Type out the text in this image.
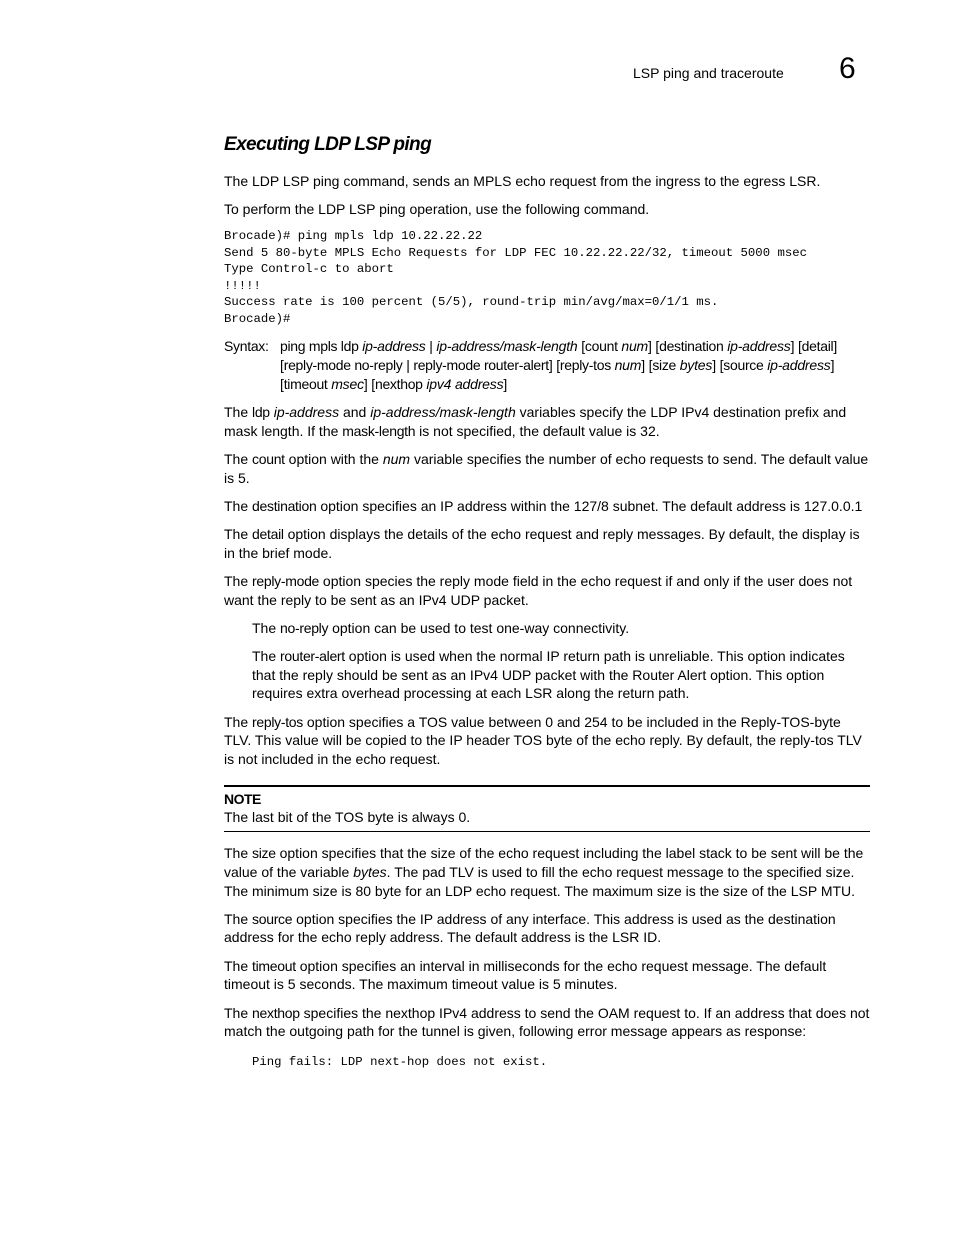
LSP ping and traceroute 6
Executing LDP LSP ping

The LDP LSP ping command, sends an MPLS echo request from the ingress to the egress LSR.

To perform the LDP LSP ping operation, use the following command.

Brocade)# ping mpls ldp 10.22.22.22
Send 5 80-byte MPLS Echo Requests for LDP FEC 10.22.22.22/32, timeout 5000 msec
Type Control-c to abort
!!!!!
Success rate is 100 percent (5/5), round-trip min/avg/max=0/1/1 ms.
Brocade)#
Syntax: ping mpls ldp ip-address | ip-address/mask-length [count num] [destination ip-address] [detail] [reply-mode no-reply | reply-mode router-alert] [reply-tos num] [size bytes] [source ip-address] [timeout msec] [nexthop ipv4 address]

The ldp ip-address and ip-address/mask-length variables specify the LDP IPv4 destination prefix and mask length. If the mask-length is not specified, the default value is 32.

The count option with the num variable specifies the number of echo requests to send. The default value is 5.

The destination option specifies an IP address within the 127/8 subnet. The default address is 127.0.0.1

The detail option displays the details of the echo request and reply messages. By default, the display is in the brief mode.

The reply-mode option species the reply mode field in the echo request if and only if the user does not want the reply to be sent as an IPv4 UDP packet.

The no-reply option can be used to test one-way connectivity.

The router-alert option is used when the normal IP return path is unreliable. This option indicates that the reply should be sent as an IPv4 UDP packet with the Router Alert option. This option requires extra overhead processing at each LSR along the return path.

The reply-tos option specifies a TOS value between 0 and 254 to be included in the Reply-TOS-byte TLV. This value will be copied to the IP header TOS byte of the echo reply. By default, the reply-tos TLV is not included in the echo request.

NOTE
The last bit of the TOS byte is always 0.

The size option specifies that the size of the echo request including the label stack to be sent will be the value of the variable bytes. The pad TLV is used to fill the echo request message to the specified size. The minimum size is 80 byte for an LDP echo request. The maximum size is the size of the LSP MTU.

The source option specifies the IP address of any interface. This address is used as the destination address for the echo reply address. The default address is the LSR ID.

The timeout option specifies an interval in milliseconds for the echo request message. The default timeout is 5 seconds. The maximum timeout value is 5 minutes.

The nexthop specifies the nexthop IPv4 address to send the OAM request to. If an address that does not match the outgoing path for the tunnel is given, following error message appears as response:

Ping fails: LDP next-hop does not exist.
